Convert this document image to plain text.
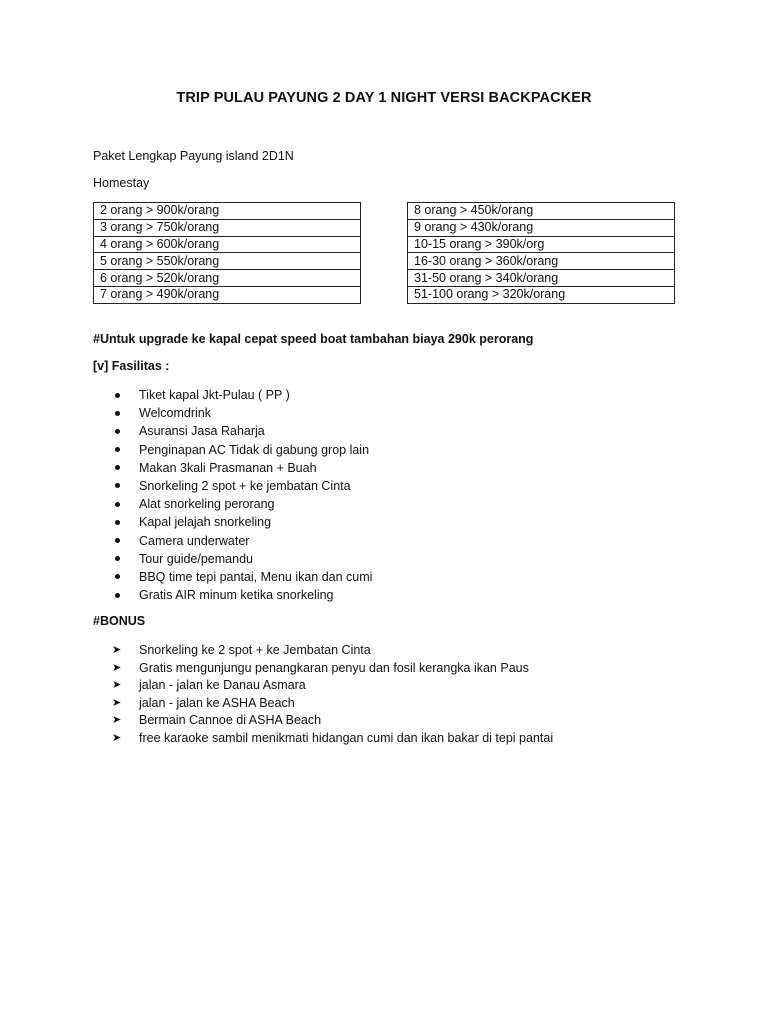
TRIP PULAU PAYUNG 2 DAY 1 NIGHT VERSI BACKPACKER
Paket Lengkap Payung island 2D1N
Homestay
2 orang > 900k/orang
3 orang > 750k/orang
4 orang > 600k/orang
5 orang > 550k/orang
6 orang > 520k/orang
7 orang > 490k/orang
8 orang > 450k/orang
9 orang > 430k/orang
10-15 orang > 390k/org
16-30 orang > 360k/orang
31-50 orang > 340k/orang
51-100 orang > 320k/orang
#Untuk upgrade ke kapal cepat speed boat tambahan biaya 290k perorang
[v] Fasilitas :
Tiket kapal Jkt-Pulau ( PP )
Welcomdrink
Asuransi Jasa Raharja
Penginapan AC Tidak di gabung grop lain
Makan 3kali Prasmanan + Buah
Snorkeling 2 spot + ke jembatan Cinta
Alat snorkeling perorang
Kapal jelajah snorkeling
Camera underwater
Tour guide/pemandu
BBQ time tepi pantai, Menu ikan dan cumi
Gratis AIR minum ketika snorkeling
#BONUS
➤ Snorkeling ke 2 spot + ke Jembatan Cinta
➤ Gratis mengunjungu penangkaran penyu dan fosil kerangka ikan Paus
➤ jalan - jalan ke Danau Asmara
➤ jalan - jalan ke ASHA Beach
➤ Bermain Cannoe di ASHA Beach
➤ free karaoke sambil menikmati hidangan cumi dan ikan bakar di tepi pantai
